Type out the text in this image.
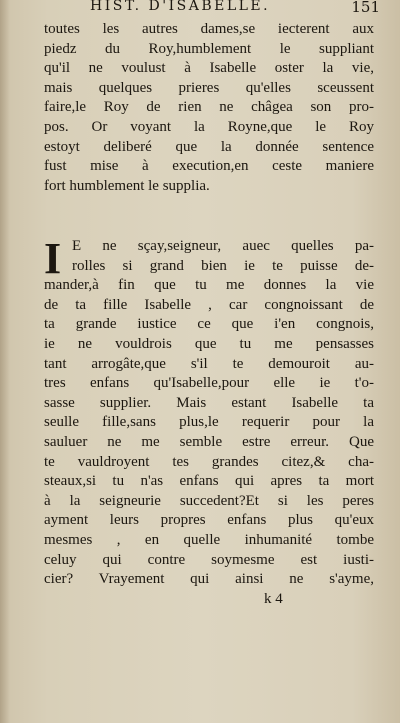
HIST. D'ISABELLE.	151
toutes les autres dames,se iecterent aux
piedz du Roy,humblement le suppliant
qu'il ne voulust à Isabelle oster la vie,
mais quelques prieres qu'elles sceussent
faire,le Roy de rien ne châgea son pro-
pos. Or voyant la Royne,que le Roy
estoyt deliberé que la donnée sentence
fust mise à execution,en ceste maniere
fort humblement le supplia.
I E ne sçay,seigneur, auec quelles pa-
rolles si grand bien ie te puisse de-
mander,à fin que tu me donnes la vie
de ta fille Isabelle , car congnoissant de
ta grande iustice ce que i'en congnois,
ie ne vouldrois que tu me pensasses
tant arrogâte,que s'il te demouroit au-
tres enfans qu'Isabelle,pour elle ie t'o-
sasse supplier. Mais estant Isabelle ta
seulle fille,sans plus,le requerir pour la
sauluer ne me semble estre erreur. Que
te vauldroyent tes grandes citez,& cha-
steaux,si tu n'as enfans qui apres ta mort
à la seigneurie succedent?Et si les peres
ayment leurs propres enfans plus qu'eux
mesmes , en quelle inhumanité tombe
celuy qui contre soymesme est iusti-
cier? Vrayement qui ainsi ne s'ayme,
k 4
